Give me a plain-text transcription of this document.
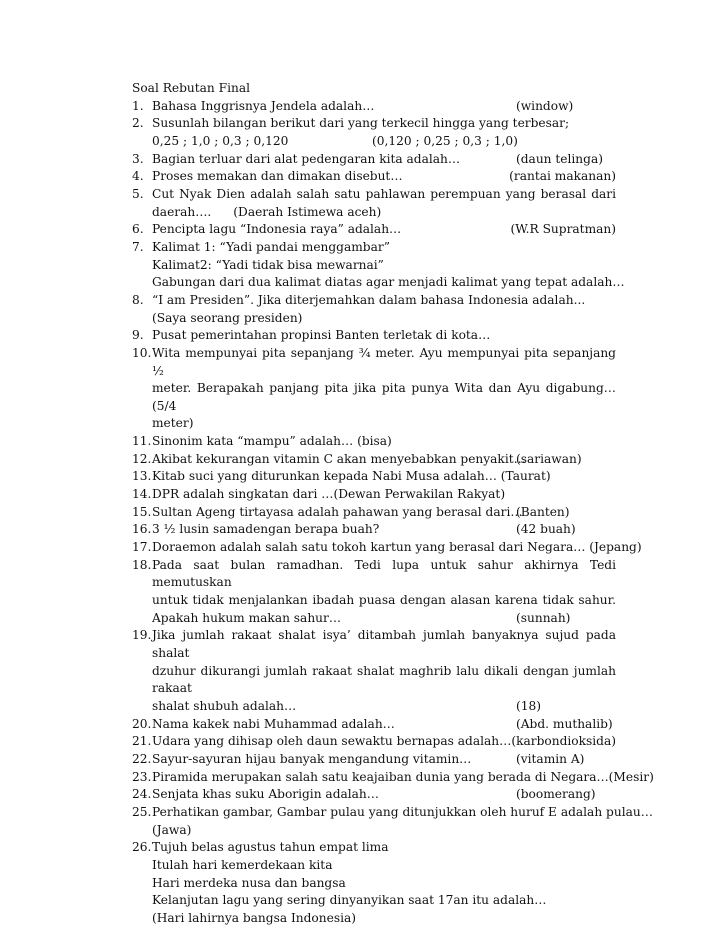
Soal Rebutan Final
1. Bahasa Inggrisnya Jendela adalah…	(window)
2. Susunlah bilangan berikut dari yang terkecil hingga yang terbesar;
0,25 ; 1,0 ; 0,3 ; 0,120	(0,120 ; 0,25 ; 0,3 ; 1,0)
3. Bagian terluar dari alat pedengaran kita adalah…	(daun telinga)
4. Proses memakan dan dimakan disebut…	(rantai makanan)
5. Cut Nyak Dien adalah salah satu pahlawan perempuan yang berasal dari
daerah…. (Daerah Istimewa aceh)
6. Pencipta lagu “Indonesia raya” adalah…	(W.R Supratman)
7. Kalimat 1: “Yadi pandai menggambar”
Kalimat2: “Yadi tidak bisa mewarnai”
Gabungan dari dua kalimat diatas agar menjadi kalimat yang tepat adalah…
8. “I am Presiden”. Jika diterjemahkan dalam bahasa Indonesia adalah...
(Saya seorang presiden)
9. Pusat pemerintahan propinsi Banten terletak di kota…
10. Wita mempunyai pita sepanjang ¾ meter. Ayu mempunyai pita sepanjang ½
meter. Berapakah panjang pita jika pita punya Wita dan Ayu digabung… (5/4
meter)
11. Sinonim kata “mampu” adalah… (bisa)
12. Akibat kekurangan vitamin C akan menyebabkan penyakit…
(sariawan)
13. Kitab suci yang diturunkan kepada Nabi Musa adalah… (Taurat)
14. DPR adalah singkatan dari …(Dewan Perwakilan Rakyat)
15. Sultan Ageng tirtayasa adalah pahawan yang berasal dari…
(Banten)
16. 3 ½ lusin samadengan berapa buah?	(42 buah)
17. Doraemon adalah salah satu tokoh kartun yang berasal dari Negara… (Jepang)
18. Pada saat bulan ramadhan. Tedi lupa untuk sahur akhirnya Tedi memutuskan
untuk tidak menjalankan ibadah puasa dengan alasan karena tidak sahur.
Apakah hukum makan sahur…	(sunnah)
19. Jika jumlah rakaat shalat isya’ ditambah jumlah banyaknya sujud pada shalat
dzuhur dikurangi jumlah rakaat shalat maghrib lalu dikali dengan jumlah rakaat
shalat shubuh adalah…	(18)
20. Nama kakek nabi Muhammad adalah…	(Abd. muthalib)
21. Udara yang dihisap oleh daun sewaktu bernapas adalah… (karbondioksida)
22. Sayur-sayuran hijau banyak mengandung vitamin…	(vitamin A)
23. Piramida merupakan salah satu keajaiban dunia yang berada di Negara…(Mesir)
24. Senjata khas suku Aborigin adalah…	(boomerang)
25. Perhatikan gambar, Gambar pulau yang ditunjukkan oleh huruf E adalah pulau…
(Jawa)
26. Tujuh belas agustus tahun empat lima
Itulah hari kemerdekaan kita
Hari merdeka nusa dan bangsa
Kelanjutan lagu yang sering dinyanyikan saat 17an itu adalah…
(Hari lahirnya bangsa Indonesia)
